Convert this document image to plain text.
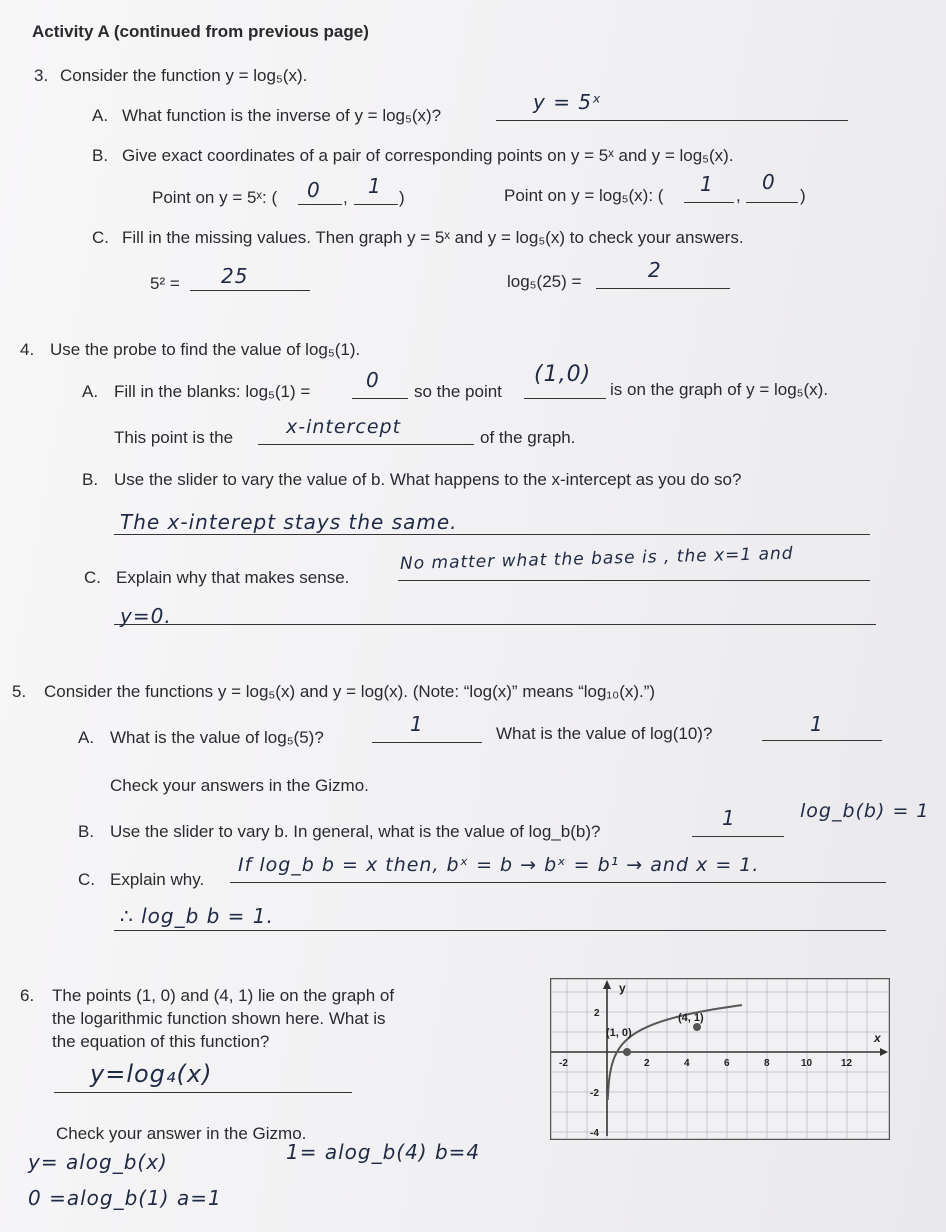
Activity A (continued from previous page)
3. Consider the function y = log₅(x).
A. What function is the inverse of y = log₅(x)?
y = 5ˣ
B. Give exact coordinates of a pair of corresponding points on y = 5ˣ and y = log₅(x).
Point on y = 5ˣ: ( 0 , 1 )	Point on y = log₅(x): ( 1 ,
0
)
C. Fill in the missing values. Then graph y = 5ˣ and y = log₅(x) to check your answers.
5² = 25	log₅(25) =	2
4. Use the probe to find the value of log₅(1).
A. Fill in the blanks: log₅(1) =	0 so the point
(1,0)
is on the graph of y = log₅(x).
This point is the	x-intercept	of the graph.
B. Use the slider to vary the value of b. What happens to the x-intercept as you do so?
The x-interept stays the same.
C. Explain why that makes sense.
No matter what the base is , the x=1 and
y=0.
5. Consider the functions y = log₅(x) and y = log(x). (Note: “log(x)” means “log₁₀(x).”)
A. What is the value of log₅(5)?
1	What is the value of log(10)?	1
Check your answers in the Gizmo.
B. Use the slider to vary b. In general, what is the value of log_b(b)?
1	log_b(b) = 1
C. Explain why.
If log_b b = x then, bˣ = b → bˣ = b¹ → and x = 1.
∴ log_b b = 1.
6. The points (1, 0) and (4, 1) lie on the graph of
the logarithmic function shown here. What is
the equation of this function?
y=log₄(x)
Check your answer in the Gizmo.
y= alog_b(x)	1= alog_b(4) b=4
0 =alog_b(1) a=1
y
x
(1, 0)
(4, 1)
-2	2	4	6	8	10	12
2
-2
-4
